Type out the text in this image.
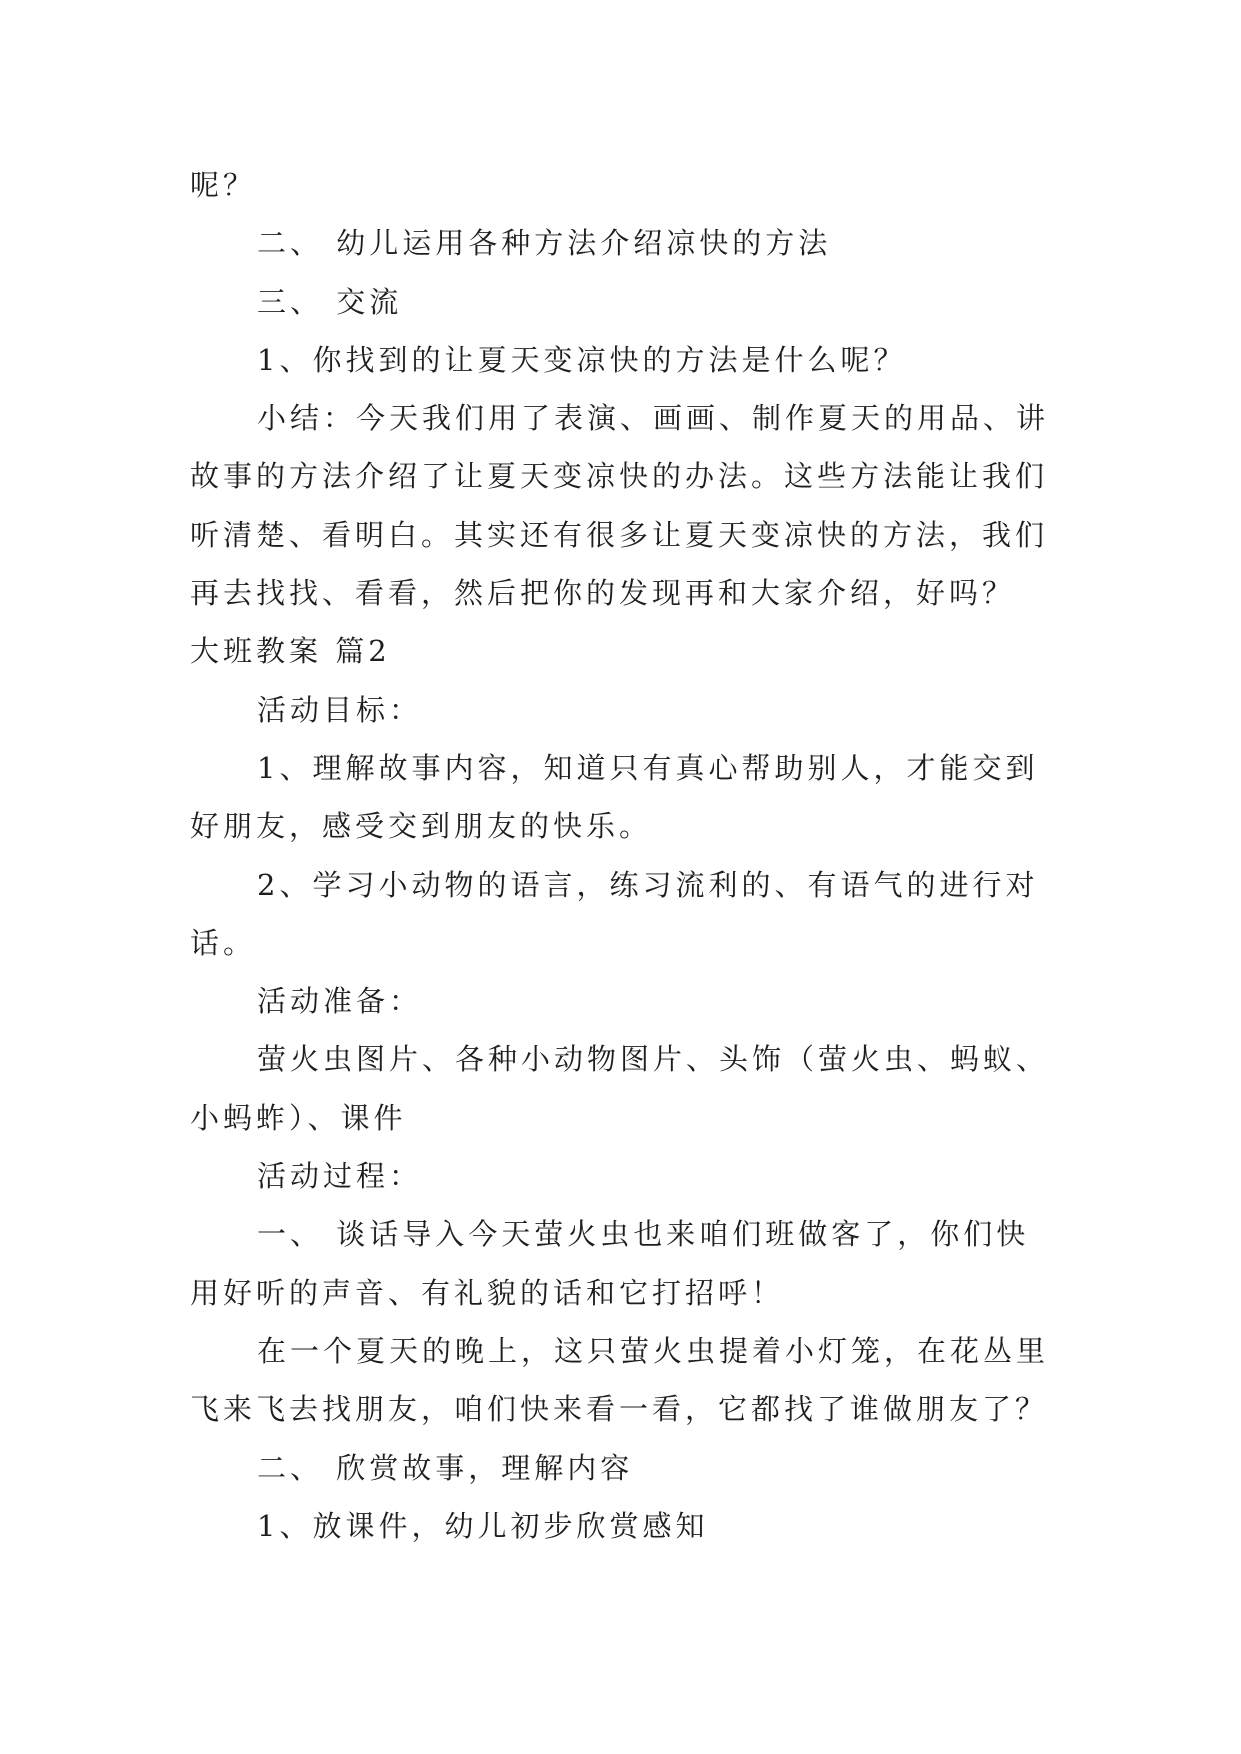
呢？
二、 幼儿运用各种方法介绍凉快的方法
三、 交流
1、你找到的让夏天变凉快的方法是什么呢？
小结：今天我们用了表演、画画、制作夏天的用品、讲
故事的方法介绍了让夏天变凉快的办法。这些方法能让我们
听清楚、看明白。其实还有很多让夏天变凉快的方法，我们
再去找找、看看，然后把你的发现再和大家介绍，好吗？
大班教案 篇2
活动目标：
1、理解故事内容，知道只有真心帮助别人，才能交到
好朋友，感受交到朋友的快乐。
2、学习小动物的语言，练习流利的、有语气的进行对
话。
活动准备：
萤火虫图片、各种小动物图片、头饰（萤火虫、蚂蚁、
小蚂蚱）、课件
活动过程：
一、 谈话导入今天萤火虫也来咱们班做客了，你们快
用好听的声音、有礼貌的话和它打招呼！
在一个夏天的晚上，这只萤火虫提着小灯笼，在花丛里
飞来飞去找朋友，咱们快来看一看，它都找了谁做朋友了？
二、 欣赏故事，理解内容
1、放课件，幼儿初步欣赏感知
